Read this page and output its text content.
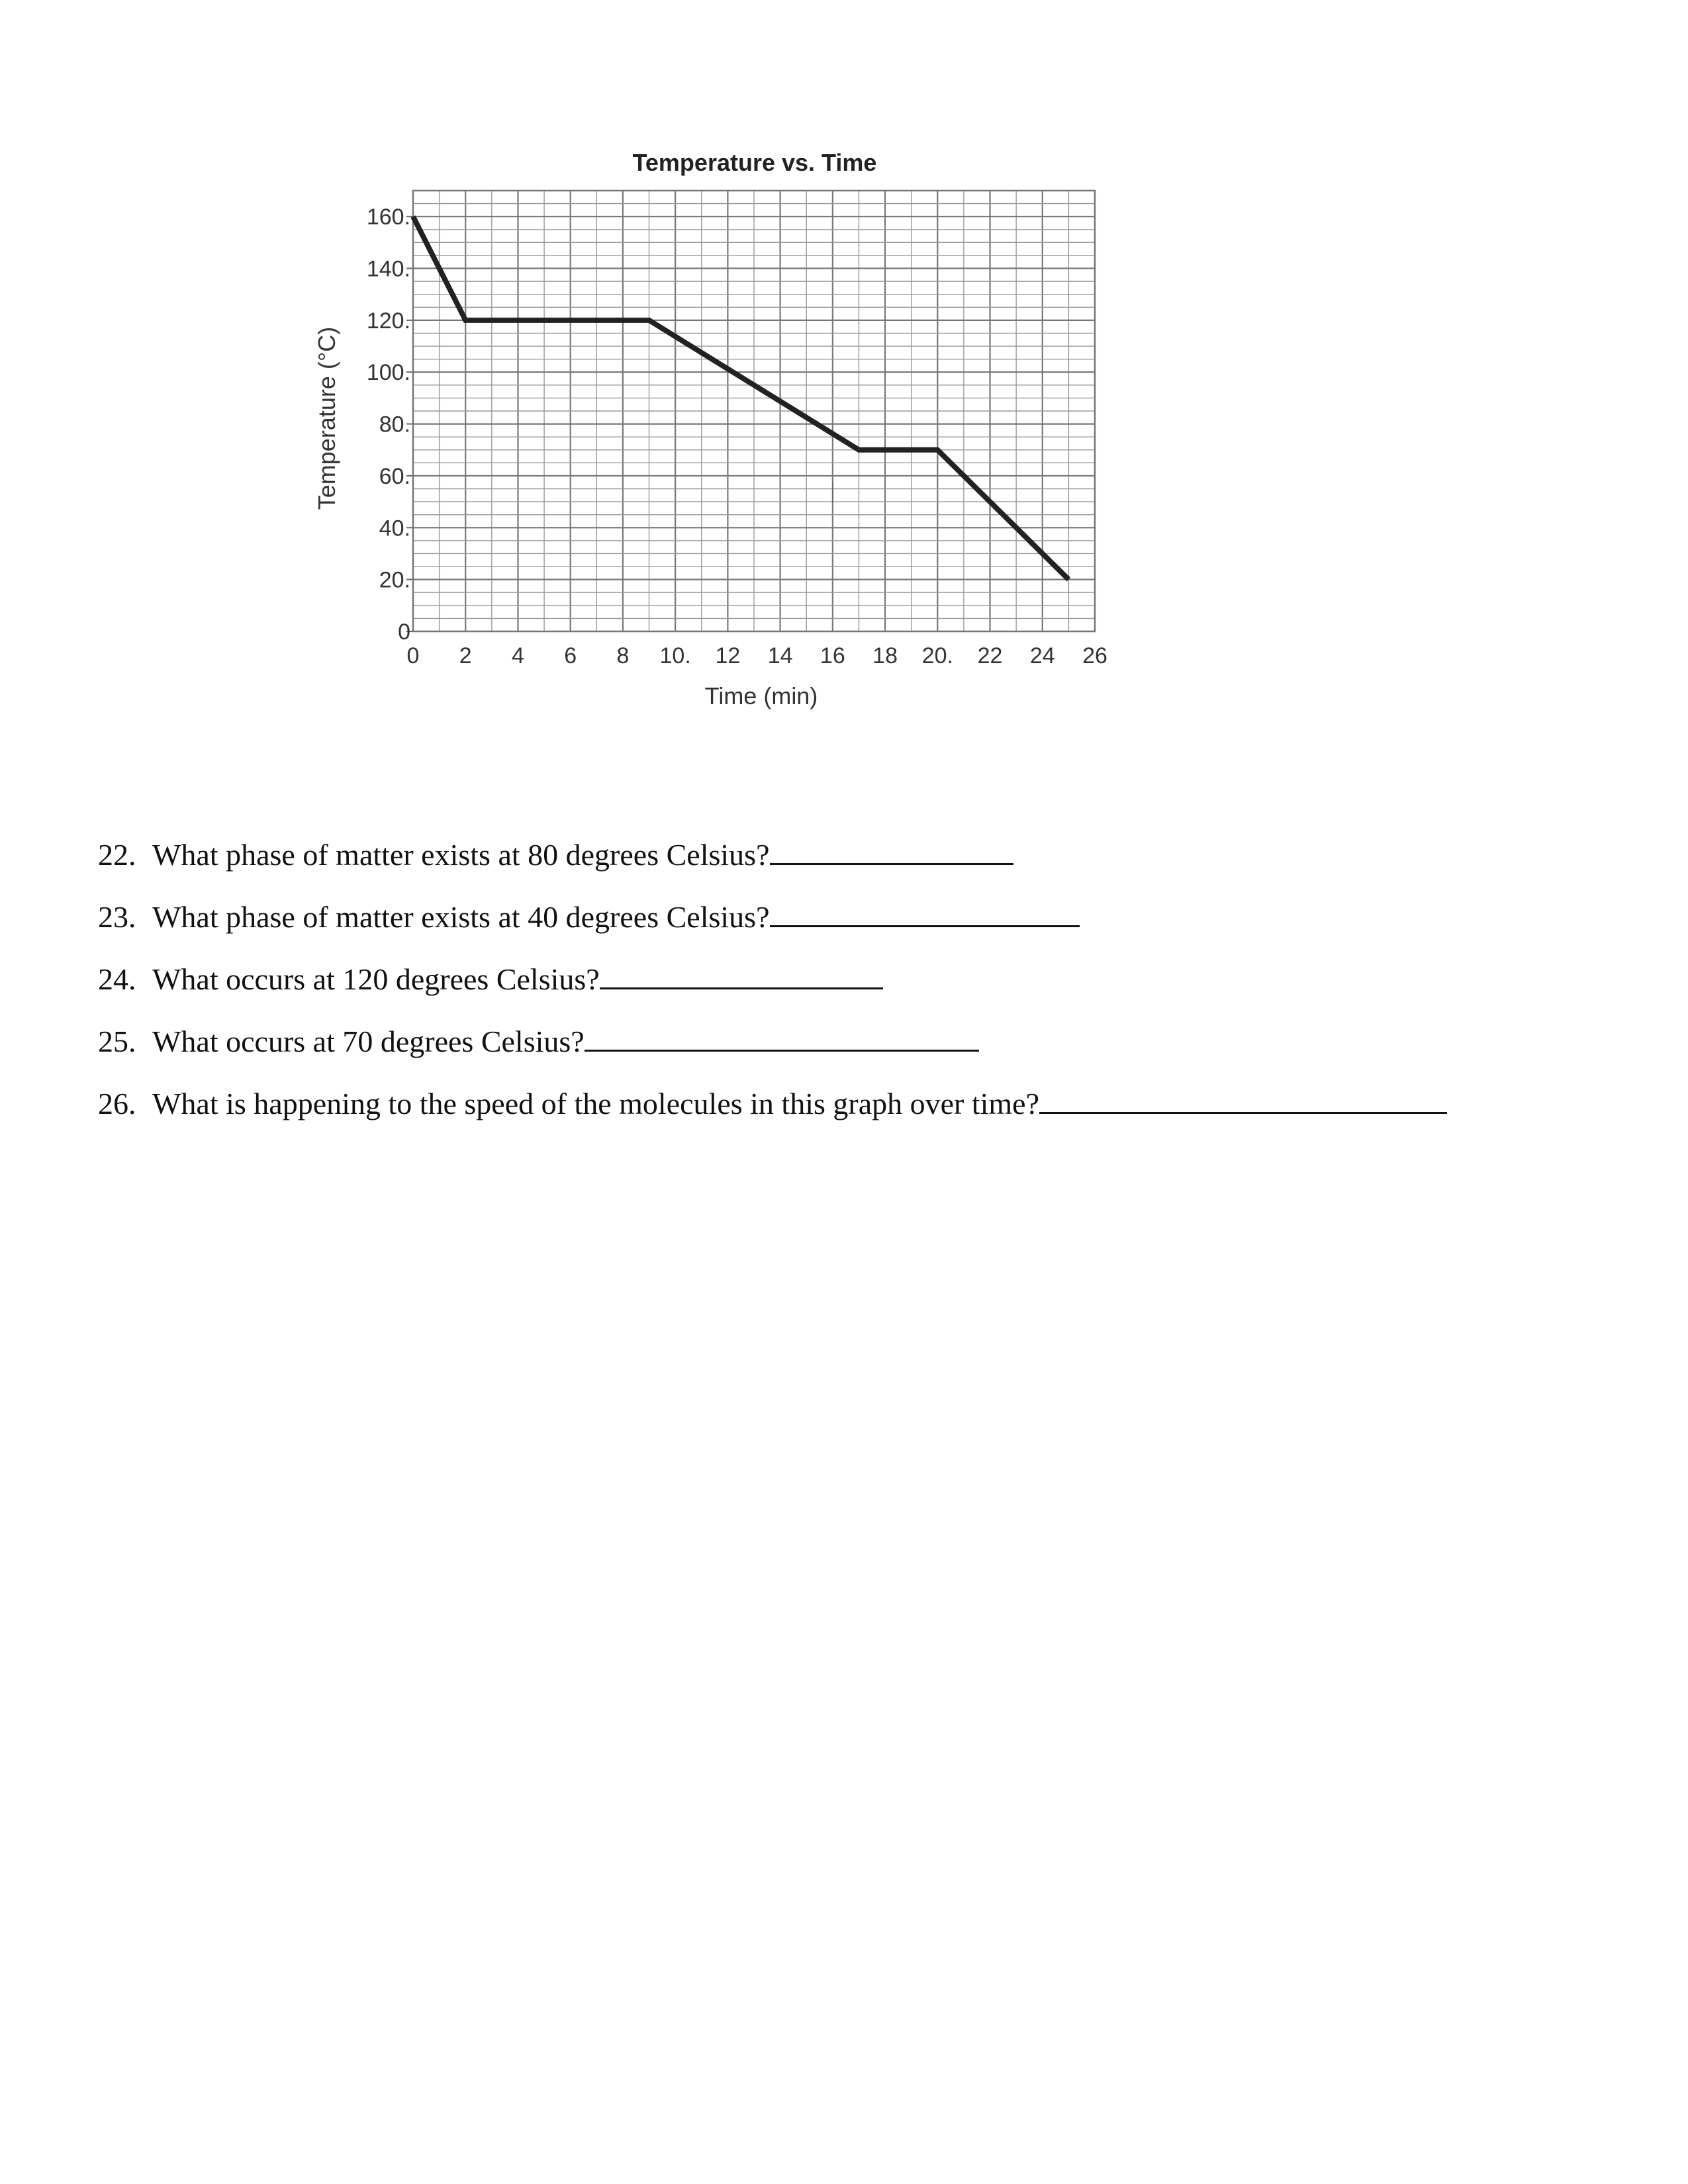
Temperature vs. Time
0
20.
40.
60.
80.
100.
120.
140.
160.
0 2 4 6 8 10. 12 14 16 18 20. 22 24 26
Time (min)
Temperature (°C)
22. What phase of matter exists at 80 degrees Celsius?
23. What phase of matter exists at 40 degrees Celsius?
24. What occurs at 120 degrees Celsius?
25. What occurs at 70 degrees Celsius?
26. What is happening to the speed of the molecules in this graph over time?
